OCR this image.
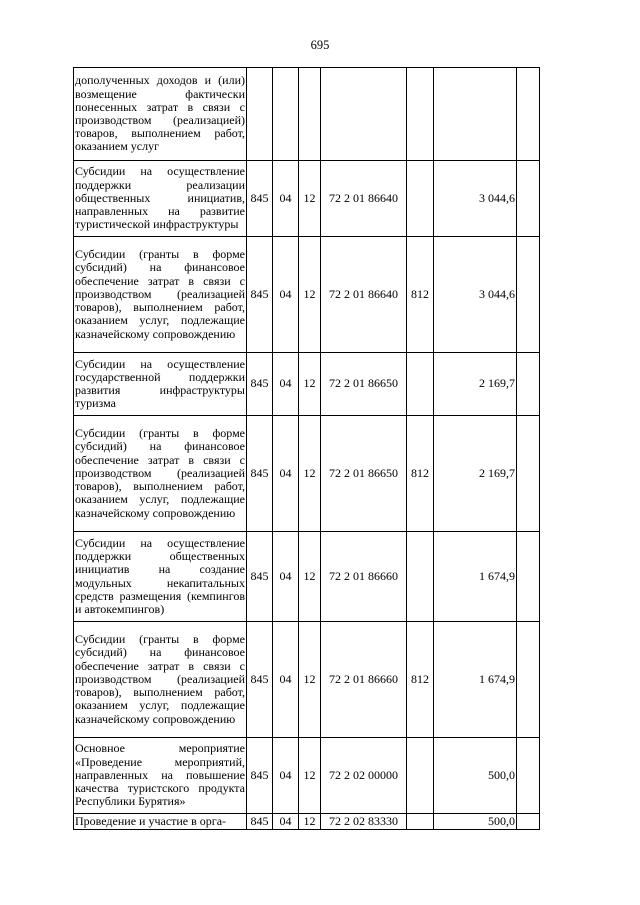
695
дополученных доходов и (или) возмещение фактически понесенных затрат в связи с производством (реализацией) товаров, выполнением работ, оказанием услуг							
Субсидии на осуществление поддержки реализации общественных инициатив, направленных на развитие туристической инфраструктуры	845	04	12	72 2 01 86640		3 044,6	
Субсидии (гранты в форме субсидий) на финансовое обеспечение затрат в связи с производством (реализацией товаров), выполнением работ, оказанием услуг, подлежащие казначейскому сопровождению	845	04	12	72 2 01 86640	812	3 044,6	
Субсидии на осуществление государственной поддержки развития инфраструктуры туризма	845	04	12	72 2 01 86650		2 169,7	
Субсидии (гранты в форме субсидий) на финансовое обеспечение затрат в связи с производством (реализацией товаров), выполнением работ, оказанием услуг, подлежащие казначейскому сопровождению	845	04	12	72 2 01 86650	812	2 169,7	
Субсидии на осуществление поддержки общественных инициатив на создание модульных некапитальных средств размещения (кемпингов и автокемпингов)	845	04	12	72 2 01 86660		1 674,9	
Субсидии (гранты в форме субсидий) на финансовое обеспечение затрат в связи с производством (реализацией товаров), выполнением работ, оказанием услуг, подлежащие казначейскому сопровождению	845	04	12	72 2 01 86660	812	1 674,9	
Основное мероприятие «Проведение мероприятий, направленных на повышение качества туристского продукта Республики Бурятия»	845	04	12	72 2 02 00000		500,0	
Проведение и участие в орга-	845	04	12	72 2 02 83330		500,0	
